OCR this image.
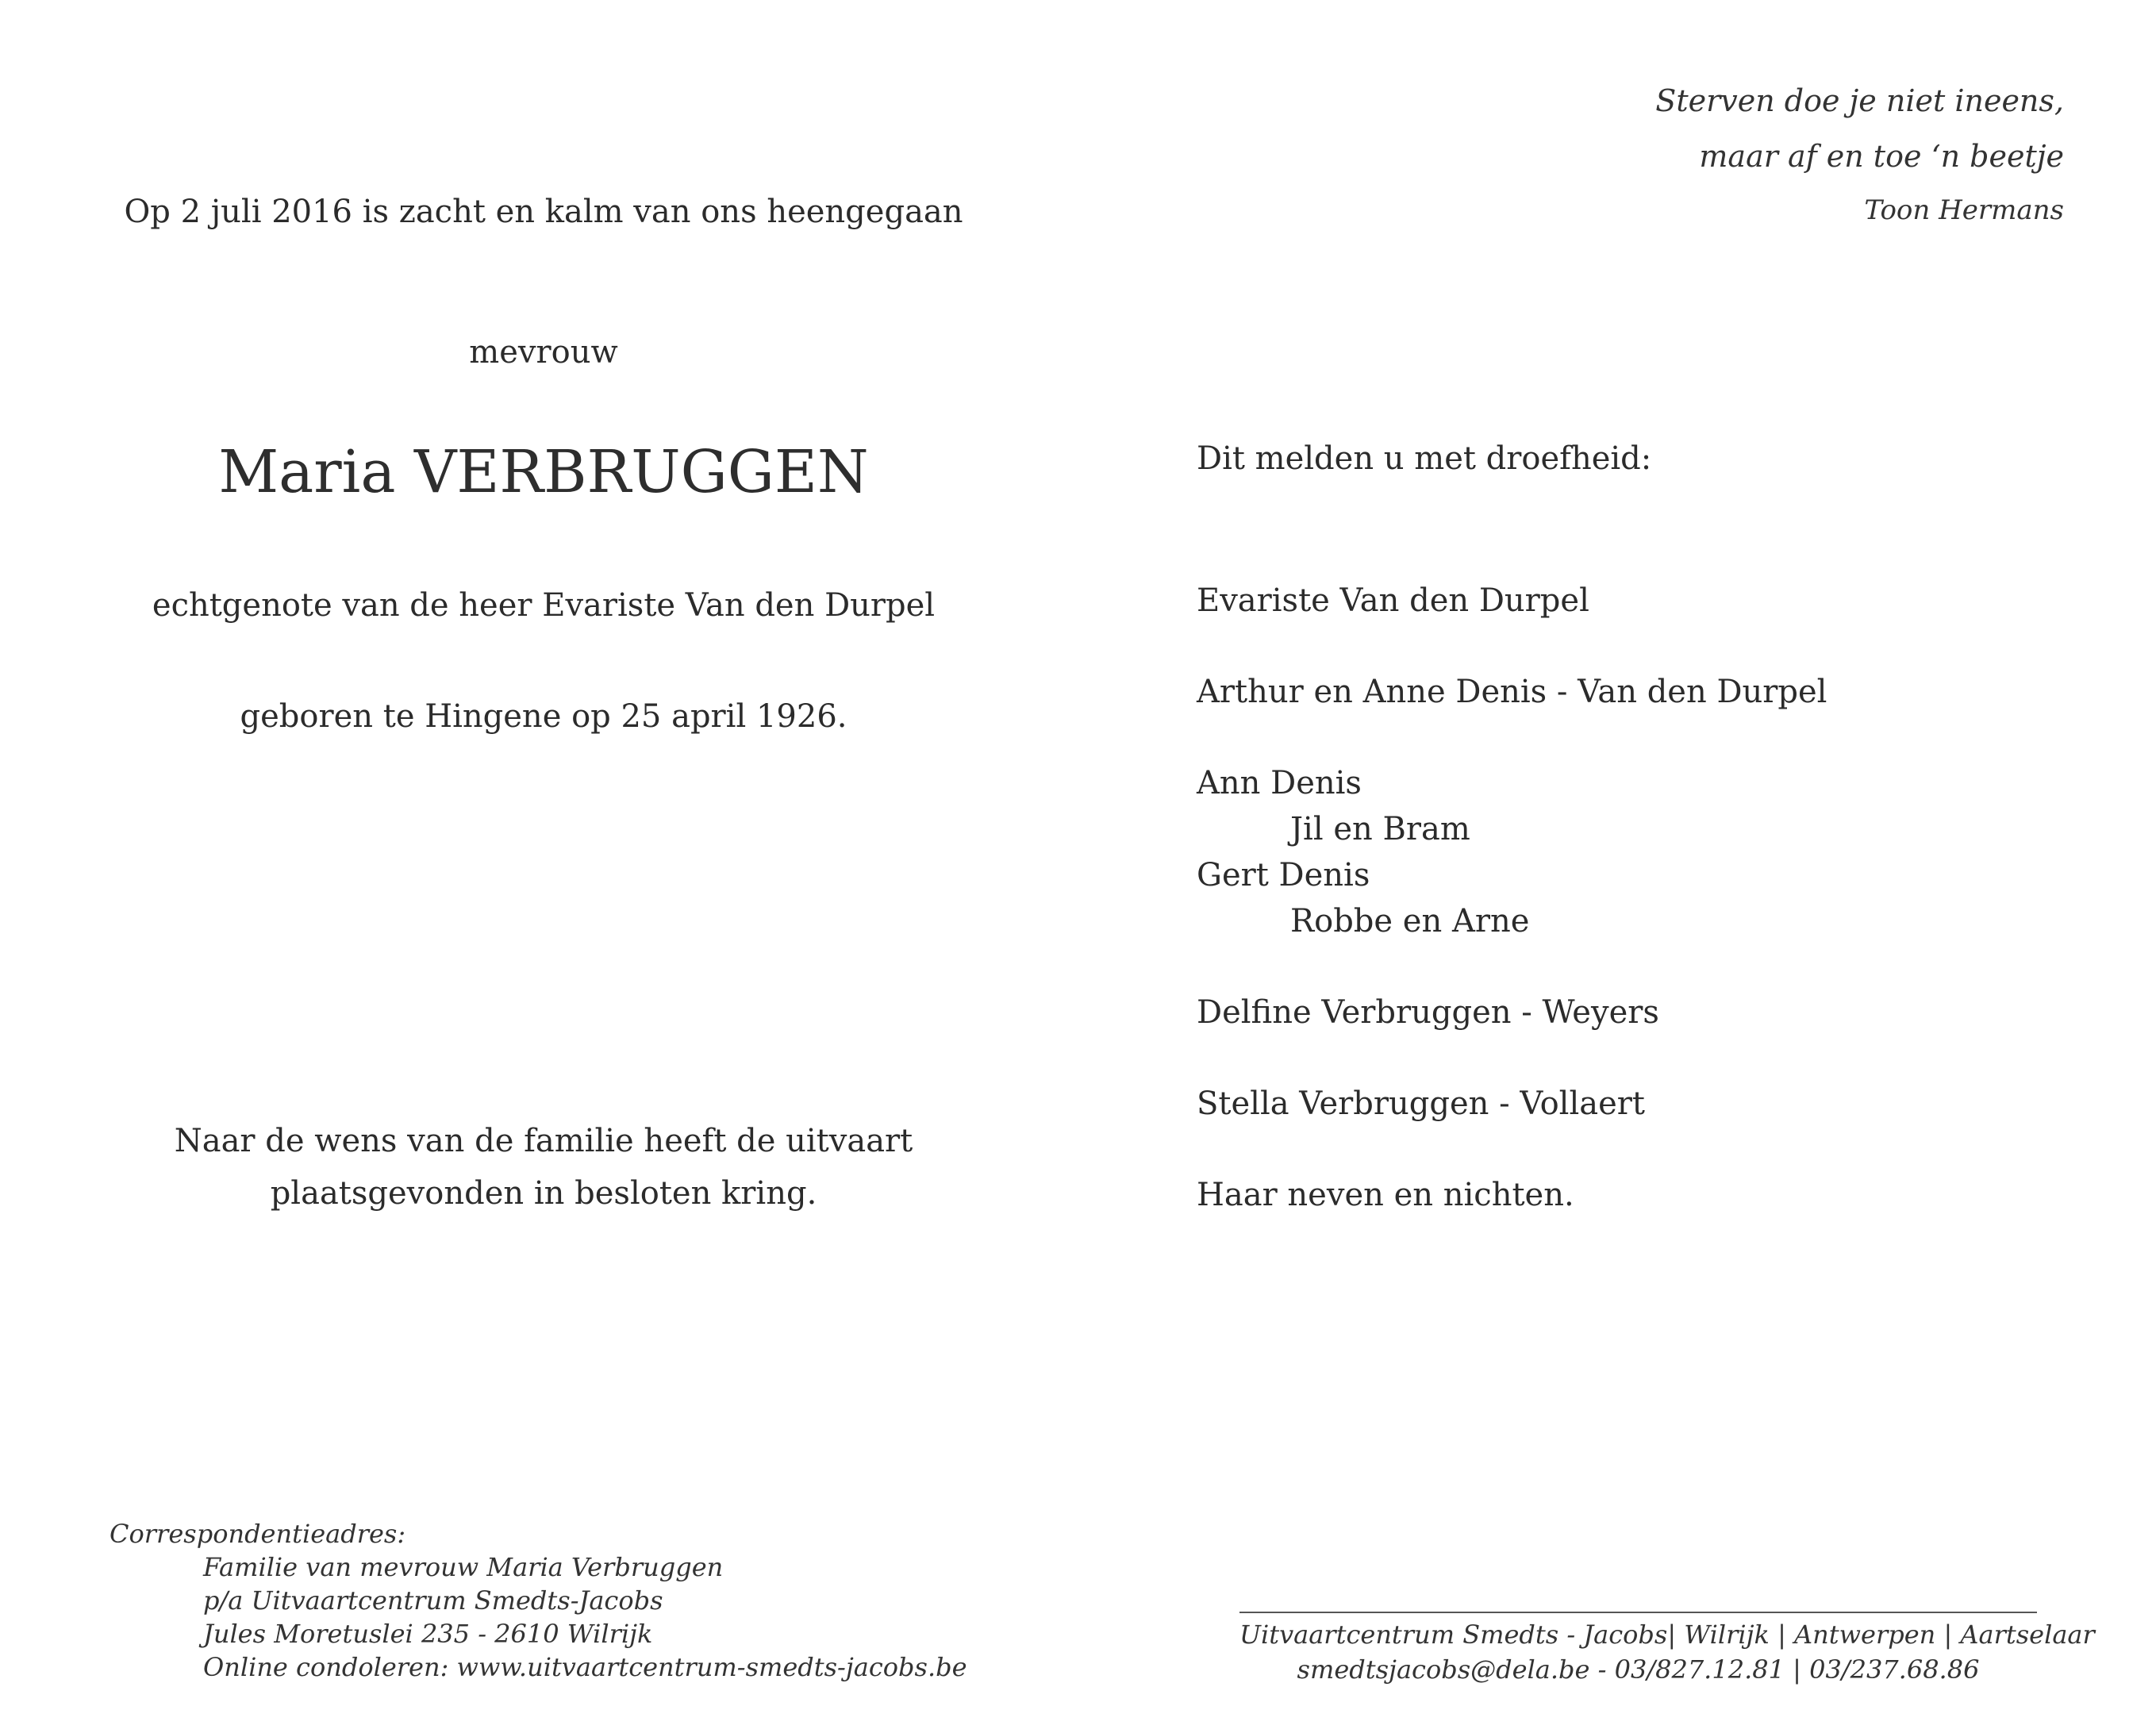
Sterven doe je niet ineens,
maar af en toe ‘n beetje
Toon Hermans
Op 2 juli 2016 is zacht en kalm van ons heengegaan
mevrouw
Maria VERBRUGGEN
echtgenote van de heer Evariste Van den Durpel
geboren te Hingene op 25 april 1926.
Naar de wens van de familie heeft de uitvaart
plaatsgevonden in besloten kring.
Dit melden u met droefheid:
Evariste Van den Durpel
Arthur en Anne Denis - Van den Durpel
Ann Denis
Jil en Bram
Gert Denis
Robbe en Arne
Delfine Verbruggen - Weyers
Stella Verbruggen - Vollaert
Haar neven en nichten.
Correspondentieadres:
Familie van mevrouw Maria Verbruggen
p/a Uitvaartcentrum Smedts-Jacobs
Jules Moretuslei 235 - 2610 Wilrijk
Online condoleren: www.uitvaartcentrum-smedts-jacobs.be
Uitvaartcentrum Smedts - Jacobs| Wilrijk | Antwerpen | Aartselaar
smedtsjacobs@dela.be - 03/827.12.81 | 03/237.68.86
